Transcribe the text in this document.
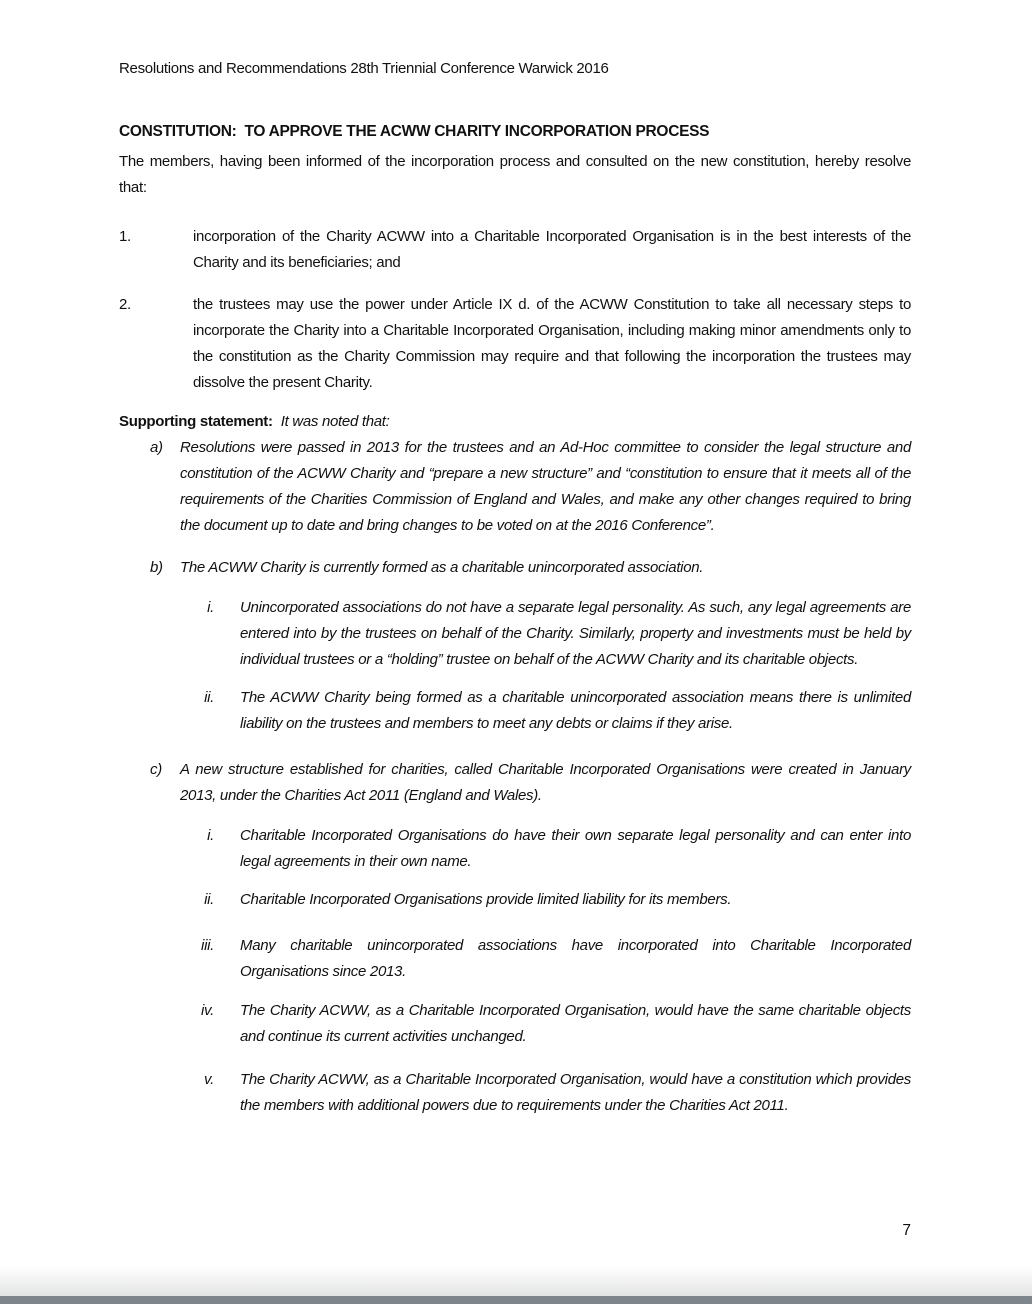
Resolutions and Recommendations 28th Triennial Conference Warwick 2016
CONSTITUTION:  TO APPROVE THE ACWW CHARITY INCORPORATION PROCESS

The members, having been informed of the incorporation process and consulted on the new constitution, hereby resolve that:

1.	incorporation of the Charity ACWW into a Charitable Incorporated Organisation is in the best interests of the Charity and its beneficiaries; and

2.	the trustees may use the power under Article IX d. of the ACWW Constitution to take all necessary steps to incorporate the Charity into a Charitable Incorporated Organisation, including making minor amendments only to the constitution as the Charity Commission may require and that following the incorporation the trustees may dissolve the present Charity.

Supporting statement: It was noted that:
a)	Resolutions were passed in 2013 for the trustees and an Ad-Hoc committee to consider the legal structure and constitution of the ACWW Charity and “prepare a new structure” and “constitution to ensure that it meets all of the requirements of the Charities Commission of England and Wales, and make any other changes required to bring the document up to date and bring changes to be voted on at the 2016 Conference”.

b)	The ACWW Charity is currently formed as a charitable unincorporated association.

i.	Unincorporated associations do not have a separate legal personality. As such, any legal agreements are entered into by the trustees on behalf of the Charity. Similarly, property and investments must be held by individual trustees or a “holding” trustee on behalf of the ACWW Charity and its charitable objects.

ii.	The ACWW Charity being formed as a charitable unincorporated association means there is unlimited liability on the trustees and members to meet any debts or claims if they arise.

c)	A new structure established for charities, called Charitable Incorporated Organisations were created in January 2013, under the Charities Act 2011 (England and Wales).

i.	Charitable Incorporated Organisations do have their own separate legal personality and can enter into legal agreements in their own name.

ii.	Charitable Incorporated Organisations provide limited liability for its members.

iii.	Many charitable unincorporated associations have incorporated into Charitable Incorporated Organisations since 2013.

iv.	The Charity ACWW, as a Charitable Incorporated Organisation, would have the same charitable objects and continue its current activities unchanged.

v.	The Charity ACWW, as a Charitable Incorporated Organisation, would have a constitution which provides the members with additional powers due to requirements under the Charities Act 2011.

7
